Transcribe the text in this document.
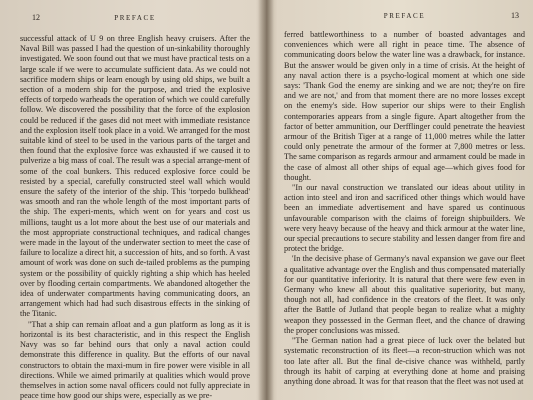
12	PREFACE

successful attack of U 9 on three English heavy cruisers. After the Naval Bill was passed I had the question of un-sinkability thoroughly investigated. We soon found out that we must have practical tests on a large scale if we were to accumulate sufficient data. As we could not sacrifice modern ships or learn enough by using old ships, we built a section of a modern ship for the purpose, and tried the explosive effects of torpedo warheads the operation of which we could carefully follow. We discovered the possibility that the force of the explosion could be reduced if the gases did not meet with immediate resistance and the explosion itself took place in a void. We arranged for the most suitable kind of steel to be used in the various parts of the target and then found that the explosive force was exhausted if we caused it to pulverize a big mass of coal. The result was a special arrange-ment of some of the coal bunkers. This reduced explosive force could be resisted by a special, carefully constructed steel wall which would ensure the safety of the interior of the ship. This 'torpedo bulkhead' was smooth and ran the whole length of the most important parts of the ship. The experi-ments, which went on for years and cost us millions, taught us a lot more about the best use of our materials and the most appropriate constructional techniques, and radical changes were made in the layout of the underwater section to meet the case of failure to localize a direct hit, a succession of hits, and so forth. A vast amount of work was done on such de-tailed problems as the pumping system or the possibility of quickly righting a ship which has heeled over by flooding certain compartments. We abandoned altogether the idea of underwater compartments having communicating doors, an arrangement which had had such disastrous effects in the sinking of the Titanic.

"That a ship can remain afloat and a gun platform as long as it is horizontal is its best characteristic, and in this respect the English Navy was so far behind ours that only a naval action could demonstrate this difference in quality. But the efforts of our naval constructors to obtain the maxi-mum in fire power were visible in all directions. While we aimed primarily at qualities which would prove themselves in action some naval officers could not fully appreciate in peace time how good our ships were, especially as we pre-

PREFACE	13

ferred battleworthiness to a number of boasted advantages and conveniences which were all right in peace time. The absence of communicating doors below the water line was a drawback, for instance. But the answer would be given only in a time of crisis. At the height of any naval action there is a psycho-logical moment at which one side says: 'Thank God the enemy are sinking and we are not; they're on fire and we are not,' and from that moment there are no more losses except on the enemy's side. How superior our ships were to their English contemporaries appears from a single figure. Apart altogether from the factor of better ammunition, our Derfflinger could penetrate the heaviest armour of the British Tiger at a range of 11,000 metres while the latter could only penetrate the armour of the former at 7,800 metres or less. The same comparison as regards armour and armament could be made in the case of almost all other ships of equal age—which gives food for thought.

"In our naval construction we translated our ideas about utility in action into steel and iron and sacrificed other things which would have been an immediate advertisement and have spared us continuous unfavourable comparison with the claims of foreign shipbuilders. We were very heavy because of the heavy and thick armour at the water line, our special precautions to secure stability and lessen danger from fire and protect the bridge.

'In the decisive phase of Germany's naval expansion we gave our fleet a qualitative advantage over the English and thus compensated materially for our quantitative inferiority. It is natural that there were few even in Germany who knew all about this qualitative superiority, but many, though not all, had confidence in the creators of the fleet. It was only after the Battle of Jutland that people began to realize what a mighty weapon they possessed in the German fleet, and the chance of drawing the proper conclusions was missed.

"The German nation had a great piece of luck over the belated but systematic reconstruction of its fleet—a recon-struction which was not too late after all. But the final de-cisive chance was withheld, partly through its habit of carping at everything done at home and praising anything done abroad. It was for that reason that the fleet was not used at
